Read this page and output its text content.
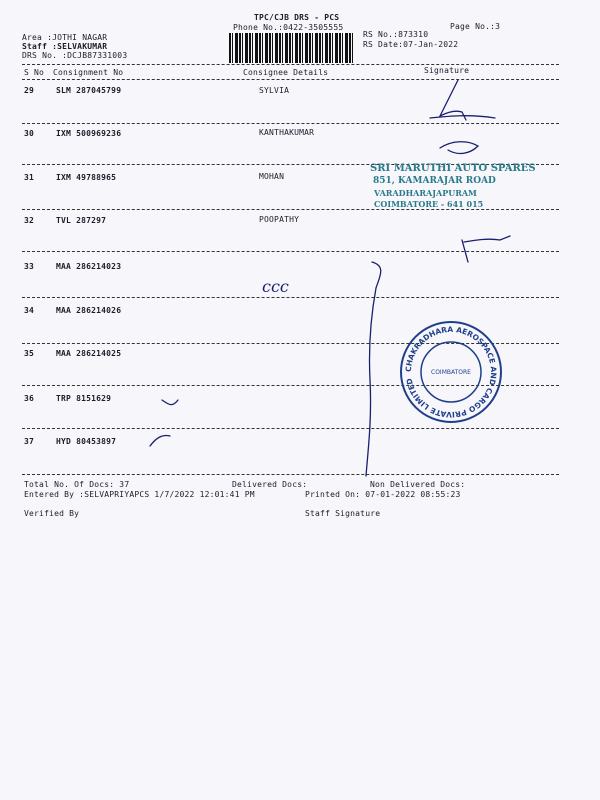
TPC/CJB DRS - PCS
Phone No.:0422-3505555
Area :JOTHI NAGAR
Staff :SELVAKUMAR
DRS No. :DCJB87331003
RS No.:873310
RS Date:07-Jan-2022
Page No.:3
S No Consignment No	Consignee Details	Signature
29	SLM 287045799	SYLVIA
30	IXM 500969236	KANTHAKUMAR
31	IXM 49788965	MOHAN
32	TVL 287297	POOPATHY
33	MAA 286214023
34	MAA 286214026
35	MAA 286214025
36	TRP 8151629
37	HYD 80453897
Total No. Of Docs: 37	Delivered Docs:	Non Delivered Docs:
Entered By :SELVAPRIYAPCS 1/7/2022 12:01:41 PM	Printed On: 07-01-2022 08:55:23
Verified By	Staff Signature
SRI MARUTHI AUTO SPARES
851, KAMARAJAR ROAD
VARADHARAJAPURAM
COIMBATORE - 641 015
CHAKRADHARA AEROSPACE AND CARGO PRIVATE LIMITED
COIMBATORE
ccc
